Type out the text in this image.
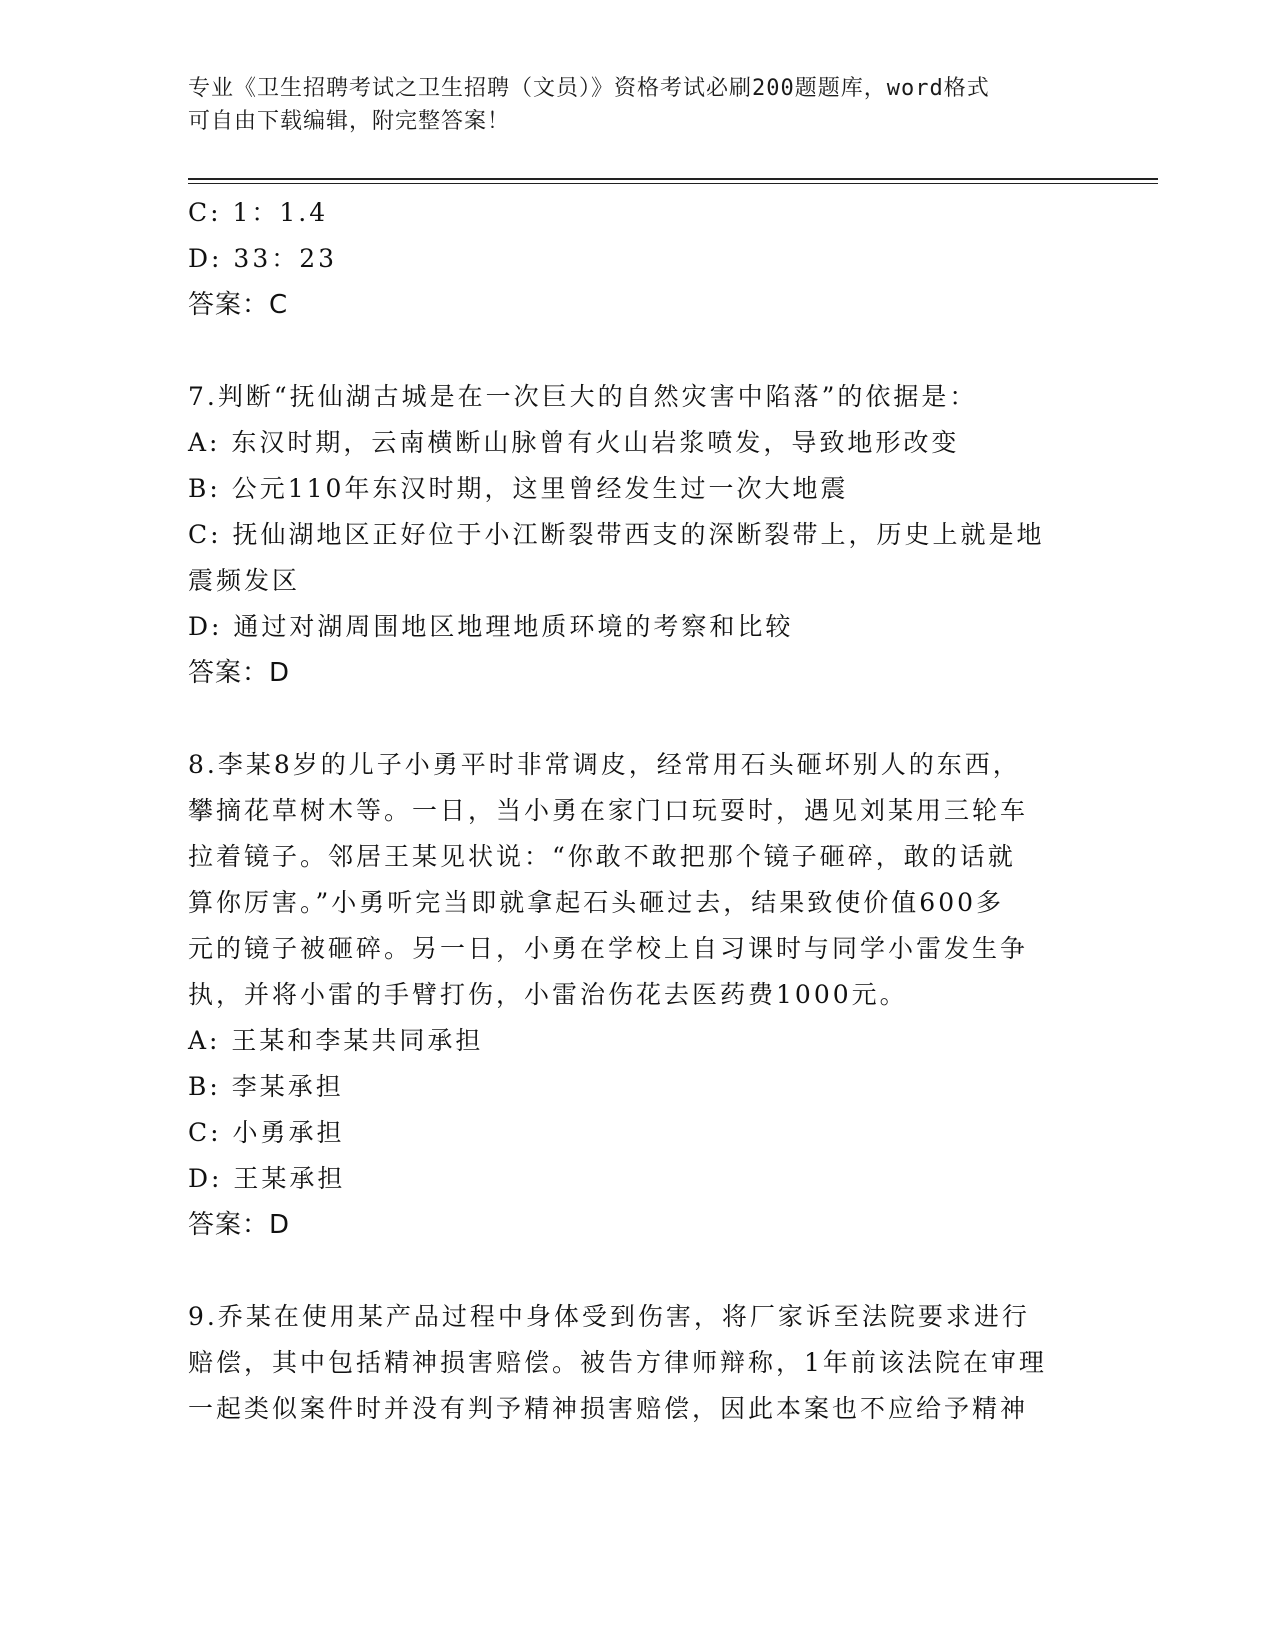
专业《卫生招聘考试之卫生招聘（文员）》资格考试必刷200题题库，word格式
可自由下载编辑，附完整答案！

C: 1：1.4

D: 33：23

答案：C

7.判断“抚仙湖古城是在一次巨大的自然灾害中陷落”的依据是：

A: 东汉时期，云南横断山脉曾有火山岩浆喷发，导致地形改变

B: 公元110年东汉时期，这里曾经发生过一次大地震

C: 抚仙湖地区正好位于小江断裂带西支的深断裂带上，历史上就是地

震频发区

D: 通过对湖周围地区地理地质环境的考察和比较

答案：D

8.李某8岁的儿子小勇平时非常调皮，经常用石头砸坏别人的东西，

攀摘花草树木等。一日，当小勇在家门口玩耍时，遇见刘某用三轮车

拉着镜子。邻居王某见状说：“你敢不敢把那个镜子砸碎，敢的话就

算你厉害。”小勇听完当即就拿起石头砸过去，结果致使价值600多

元的镜子被砸碎。另一日，小勇在学校上自习课时与同学小雷发生争

执，并将小雷的手臂打伤，小雷治伤花去医药费1000元。

A: 王某和李某共同承担

B: 李某承担

C: 小勇承担

D: 王某承担

答案：D

9.乔某在使用某产品过程中身体受到伤害，将厂家诉至法院要求进行

赔偿，其中包括精神损害赔偿。被告方律师辩称，1年前该法院在审理

一起类似案件时并没有判予精神损害赔偿，因此本案也不应给予精神
